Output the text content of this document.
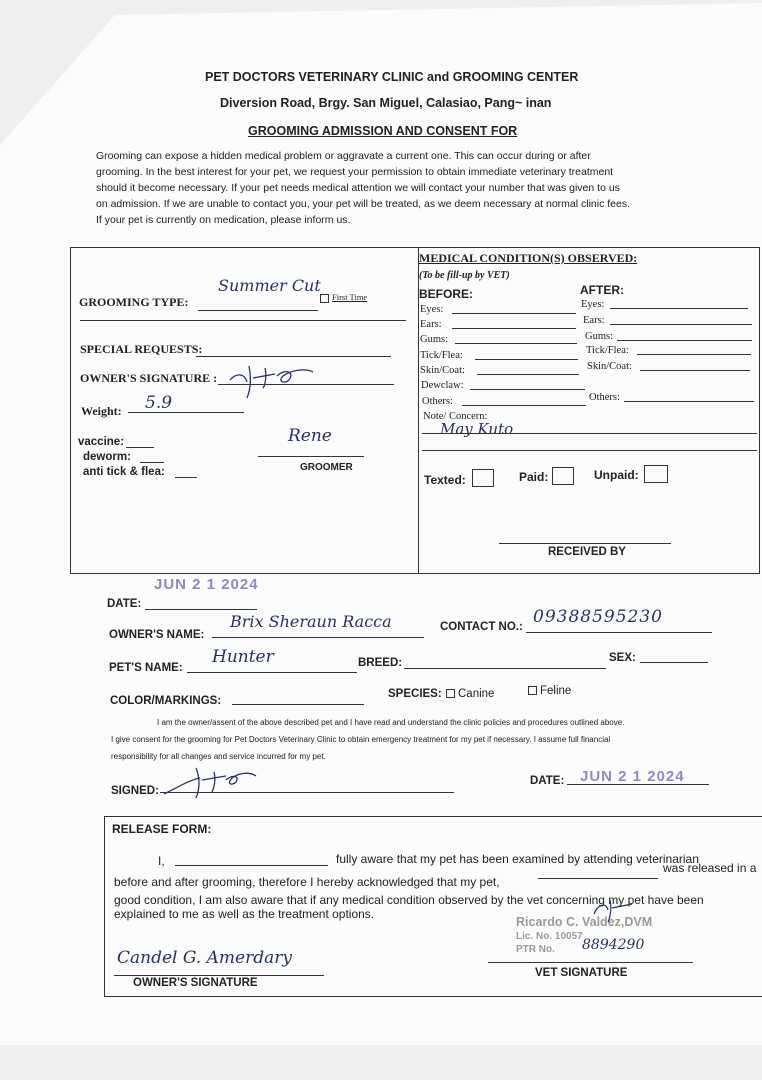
PET DOCTORS VETERINARY CLINIC and GROOMING CENTER
Diversion Road, Brgy. San Miguel, Calasiao, Pang~ inan
GROOMING ADMISSION AND CONSENT FOR
Grooming can expose a hidden medical problem or aggravate a current one. This can occur during or after
grooming. In the best interest for your pet, we request your permission to obtain immediate veterinary treatment
should it become necessary. If your pet needs medical attention we will contact your number that was given to us
on admission. If we are unable to contact you, your pet will be treated, as we deem necessary at normal clinic fees.
If your pet is currently on medication, please inform us.
GROOMING TYPE:
Summer Cut
First Time
SPECIAL REQUESTS:
OWNER'S SIGNATURE :
Weight: 5.9
vaccine:
deworm:
anti tick & flea:
Rene
GROOMER
MEDICAL CONDITION(S) OBSERVED:
(To be fill-up by VET)
BEFORE:	AFTER:
Eyes:
Ears:
Gums:
Tick/Flea:
Skin/Coat:
Dewclaw:
Others:
Eyes:
Ears:
Gums:
Tick/Flea:
Skin/Coat:
Others:
Note/ Concern:
May Kuto
Texted:	Paid:	Unpaid:
RECEIVED BY
JUN 2 1 2024
DATE:
OWNER'S NAME:
Brix Sheraun Racca	CONTACT NO.: 09388595230
PET'S NAME:
Hunter	BREED:	SEX:
COLOR/MARKINGS:
SPECIES:	Canine	Feline
I am the owner/assent of the above described pet and I have read and understand the clinic policies and procedures outlined above.
I give consent for the grooming for Pet Doctors Veterinary Clinic to obtain emergency treatment for my pet if necessary. I assume full financial
responsibility for all changes and service incurred for my pet.
SIGNED:
DATE: JUN 2 1 2024
RELEASE FORM:
I,	fully aware that my pet has been examined by attending veterinarian
before and after grooming, therefore I hereby acknowledged that my pet,
was released in a
good condition, I am also aware that if any medical condition observed by the vet concerning my pet have been
explained to me as well as the treatment options.
Ricardo C. Valdez,DVM
Lic. No. 10057
PTR No. 8894290
Candel G. Amerdary
OWNER'S SIGNATURE
VET SIGNATURE
